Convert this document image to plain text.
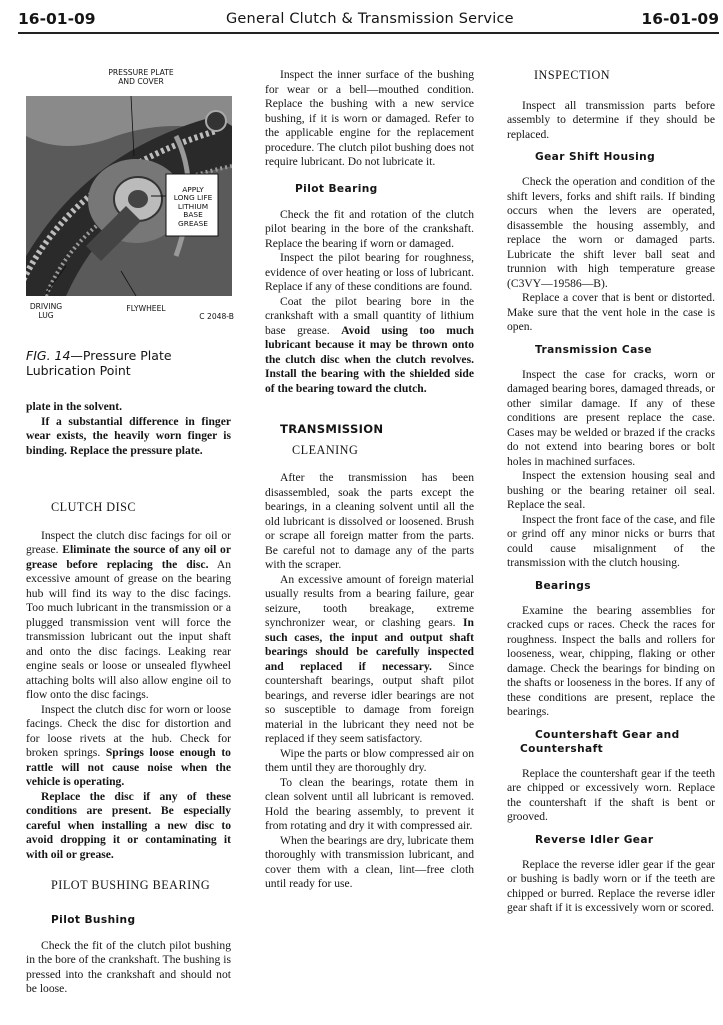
16-01-09	General Clutch & Transmission Service	16-01-09
PRESSURE PLATE
AND COVER
APPLY
LONG LIFE
LITHIUM
BASE
GREASE
DRIVING
LUG
FLYWHEEL
C 2048-B
FIG. 14—Pressure Plate Lubrication Point

plate in the solvent.

If a substantial difference in finger wear exists, the heavily worn finger is binding. Replace the pressure plate.

CLUTCH DISC

Inspect the clutch disc facings for oil or grease. Eliminate the source of any oil or grease before replacing the disc. An excessive amount of grease on the bearing hub will find its way to the disc facings. Too much lubricant in the transmission or a plugged transmission vent will force the transmission lubricant out the input shaft and onto the disc facings. Leaking rear engine seals or loose or unsealed flywheel attaching bolts will also allow engine oil to flow onto the disc facings.

Inspect the clutch disc for worn or loose facings. Check the disc for distortion and for loose rivets at the hub. Check for broken springs. Springs loose enough to rattle will not cause noise when the vehicle is operating.

Replace the disc if any of these conditions are present. Be especially careful when installing a new disc to avoid dropping it or contaminating it with oil or grease.

PILOT BUSHING BEARING

Pilot Bushing

Check the fit of the clutch pilot bushing in the bore of the crankshaft. The bushing is pressed into the crankshaft and should not be loose.

Inspect the inner surface of the bushing for wear or a bell—mouthed condition. Replace the bushing with a new service bushing, if it is worn or damaged. Refer to the applicable engine for the replacement procedure. The clutch pilot bushing does not require lubricant. Do not lubricate it.

Pilot Bearing

Check the fit and rotation of the clutch pilot bearing in the bore of the crankshaft. Replace the bearing if worn or damaged.

Inspect the pilot bearing for roughness, evidence of over heating or loss of lubricant. Replace if any of these conditions are found.

Coat the pilot bearing bore in the crankshaft with a small quantity of lithium base grease. Avoid using too much lubricant because it may be thrown onto the clutch disc when the clutch revolves. Install the bearing with the shielded side of the bearing toward the clutch.

TRANSMISSION

CLEANING

After the transmission has been disassembled, soak the parts except the bearings, in a cleaning solvent until all the old lubricant is dissolved or loosened. Brush or scrape all foreign matter from the parts. Be careful not to damage any of the parts with the scraper.

An excessive amount of foreign material usually results from a bearing failure, gear seizure, tooth breakage, extreme synchronizer wear, or clashing gears. In such cases, the input and output shaft bearings should be carefully inspected and replaced if necessary. Since countershaft bearings, output shaft pilot bearings, and reverse idler bearings are not so susceptible to damage from foreign material in the lubricant they need not be replaced if they seem satisfactory.

Wipe the parts or blow compressed air on them until they are thoroughly dry.

To clean the bearings, rotate them in clean solvent until all lubricant is removed. Hold the bearing assembly, to prevent it from rotating and dry it with compressed air.

When the bearings are dry, lubricate them thoroughly with transmission lubricant, and cover them with a clean, lint—free cloth until ready for use.

INSPECTION

Inspect all transmission parts before assembly to determine if they should be replaced.

Gear Shift Housing

Check the operation and condition of the shift levers, forks and shift rails. If binding occurs when the levers are operated, disassemble the housing assembly, and replace the worn or damaged parts. Lubricate the shift lever ball seat and trunnion with high temperature grease (C3VY—19586—B).

Replace a cover that is bent or distorted. Make sure that the vent hole in the case is open.

Transmission Case

Inspect the case for cracks, worn or damaged bearing bores, damaged threads, or other similar damage. If any of these conditions are present replace the case. Cases may be welded or brazed if the cracks do not extend into bearing bores or bolt holes in machined surfaces.

Inspect the extension housing seal and bushing or the bearing retainer oil seal. Replace the seal.

Inspect the front face of the case, and file or grind off any minor nicks or burrs that could cause misalignment of the transmission with the clutch housing.

Bearings

Examine the bearing assemblies for cracked cups or races. Check the races for roughness. Inspect the balls and rollers for looseness, wear, chipping, flaking or other damage. Check the bearings for binding on the shafts or looseness in the bores. If any of these conditions are present, replace the bearings.

Countershaft Gear and
Countershaft

Replace the countershaft gear if the teeth are chipped or excessively worn. Replace the countershaft if the shaft is bent or grooved.

Reverse Idler Gear

Replace the reverse idler gear if the gear or bushing is badly worn or if the teeth are chipped or burred. Replace the reverse idler gear shaft if it is excessively worn or scored.
